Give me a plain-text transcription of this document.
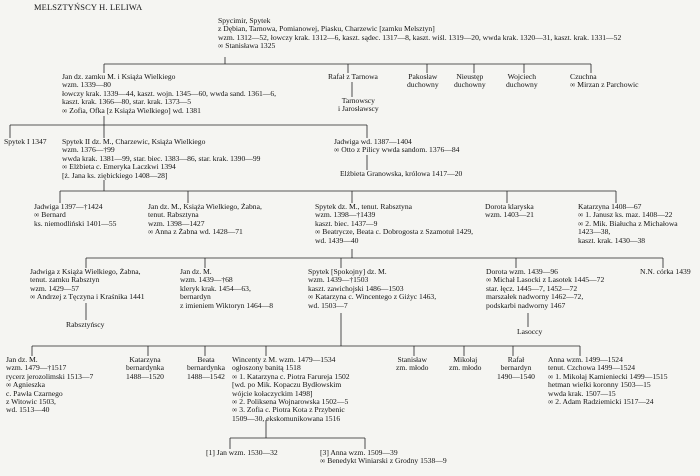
MELSZTYŃSCY H. LELIWA
Spycimir, Spytek
z Dębian, Tarnowa, Pomianowej, Piasku, Charzewic [zamku Melsztyn]
wzm. 1312—52, łowczy krak. 1312—6, kaszt. sądec. 1317—8, kaszt. wiśl. 1319—20, wwda krak. 1320—31, kaszt. krak. 1331—52
∞ Stanisława 1325
Jan dz. zamku M. i Książa Wielkiego
wzm. 1339—80
łowczy krak. 1339—44, kaszt. wojn. 1345—60, wwda sand. 1361—6,
kaszt. krak. 1366—80, star. krak. 1373—5
∞ Zofia, Ofka [z Książa Wielkiego] wd. 1381
Rafał z Tarnowa
Tarnowscy
i Jarosławscy
Pakosław
duchowny
Nieustęp
duchowny
Wojciech
duchowny
Czuchna
∞ Mirzan z Parchowic
Spytek I 1347 Spytek II dz. M., Charzewic, Książa Wielkiego
wzm. 1376—†99
wwda krak. 1381—99, star. biec. 1383—86, star. krak. 1390—99
∞ Elżbieta c. Emeryka Laczkwi 1394
[ż. Jana ks. ziębickiego 1408—28]
Jadwiga wd. 1387—1404
∞ Otto z Pilicy wwda sandom. 1376—84
Elżbieta Granowska, królowa 1417—20
Jadwiga 1397—†1424
∞ Bernard
ks. niemodliński 1401—55
Jan dz. M., Książa Wielkiego, Żabna,
tenut. Rabsztyna
wzm. 1398—1427
∞ Anna z Żabna wd. 1428—71
Spytek dz. M., tenut. Rabsztyna
wzm. 1398—†1439
kaszt. biec. 1437—9
∞ Beatrycze, Beata c. Dobrogosta z Szamotuł 1429,
wd. 1439—40
Dorota klaryska
wzm. 1403—21
Katarzyna 1408—67
∞ 1. Janusz ks. maz. 1408—22
∞ 2. Mik. Białucha z Michałowa
1423—38,
kaszt. krak. 1430—38
Jadwiga z Książa Wielkiego, Żabna,
tenut. zamku Rabsztyn
wzm. 1429—57
∞ Andrzej z Tęczyna i Kraśnika 1441
Rabsztyńscy
Jan dz. M.
wzm. 1439—†68
kleryk krak. 1454—63,
bernardyn
z imieniem Wiktoryn 1464—8
Spytek [Spokojny] dz. M.
wzm. 1439—†1503
kaszt. zawichojski 1486—1503
∞ Katarzyna c. Wincentego z Giżyc 1463,
wd. 1503—7
Dorota wzm. 1439—96
∞ Michał Lasocki z Lasotek 1445—72
star. łęcz. 1445—7, 1452—72
marszałek nadworny 1462—72,
podskarbi nadworny 1467
Lasoccy
N.N. córka 1439
Jan dz. M.
wzm. 1479—†1517
rycerz jerozolimski 1513—7
∞ Agnieszka
c. Pawła Czarnego
z Witowic 1503,
wd. 1513—40
Katarzyna
bernardynka
1488—1520
Beata
bernardynka
1488—1542
Wincenty z M. wzm. 1479—1534
ogłoszony banitą 1518
∞ 1. Katarzyna c. Piotra Farureja 1502
[wd. po Mik. Kopaczu Bydłowskim
wójcie kołaczyckim 1498]
∞ 2. Poliksena Wojnarowska 1502—5
∞ 3. Zofia c. Piotra Kota z Przybenic
1509—30, ekskomunikowana 1516
Stanisław
zm. młodo
Mikołaj
zm. młodo
Rafał
bernardyn
1490—1540
Anna wzm. 1499—1524
tenut. Czchowa 1499—1524
∞ 1. Mikołaj Kamieniecki 1499—1515
hetman wielki koronny 1503—15
wwda krak. 1507—15
∞ 2. Adam Radziemicki 1517—24
[1] Jan wzm. 1530—32	[3] Anna wzm. 1509—39
∞ Benedykt Winiarski z Grodny 1538—9
